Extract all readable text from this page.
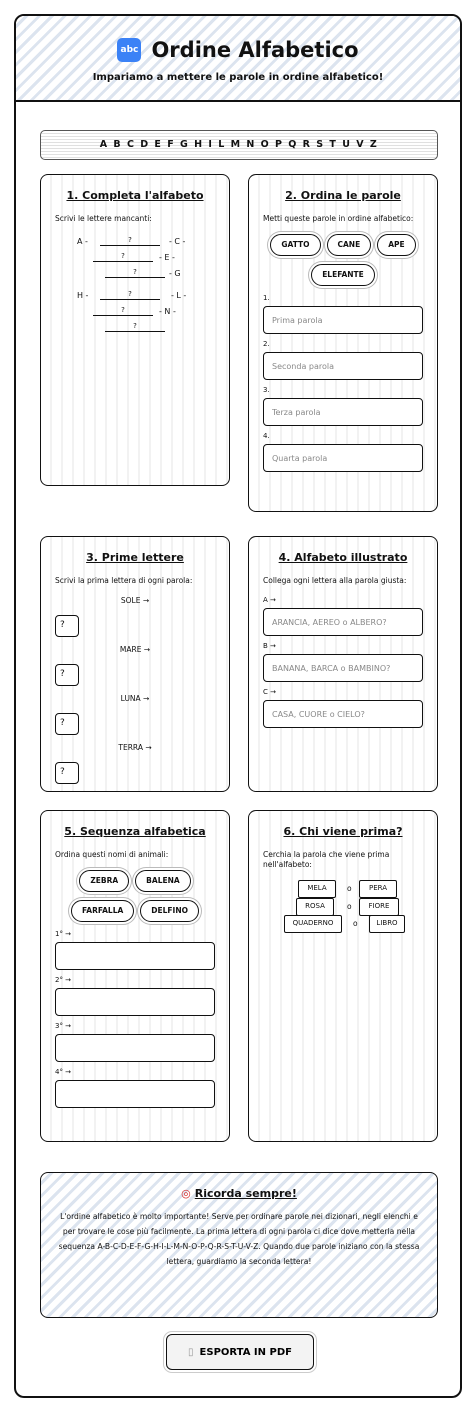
abc Ordine Alfabetico
Impariamo a mettere le parole in ordine alfabetico!
A B C D E F G H I L M N O P Q R S T U V Z
1. Completa l'alfabeto
Scrivi le lettere mancanti:
A -	?	- C -
?	- E -
?	- G
H -	?	- L -
?	- N -
?
2. Ordina le parole
Metti queste parole in ordine alfabetico:
GATTO	CANE	APE
ELEFANTE
1.
Prima parola
2.
Seconda parola
3.
Terza parola
4.
Quarta parola
3. Prime lettere
Scrivi la prima lettera di ogni parola:
SOLE →
?
MARE →
?
LUNA →
?
TERRA →
?
4. Alfabeto illustrato
Collega ogni lettera alla parola giusta:
A →
ARANCIA, AEREO o ALBERO?
B →
BANANA, BARCA o BAMBINO?
C →
CASA, CUORE o CIELO?
5. Sequenza alfabetica
Ordina questi nomi di animali:
ZEBRA	BALENA
FARFALLA	DELFINO
1° →
2° →
3° →
4° →
6. Chi viene prima?
Cerchia la parola che viene prima nell'alfabeto:
MELA	o	PERA
ROSA	o	FIORE
QUADERNO	o	LIBRO
◎ Ricorda sempre!
L'ordine alfabetico è molto importante! Serve per ordinare parole nei dizionari, negli elenchi e per trovare le cose più facilmente. La prima lettera di ogni parola ci dice dove metterla nella sequenza A-B-C-D-E-F-G-H-I-L-M-N-O-P-Q-R-S-T-U-V-Z. Quando due parole iniziano con la stessa lettera, guardiamo la seconda lettera!
▯ ESPORTA IN PDF
